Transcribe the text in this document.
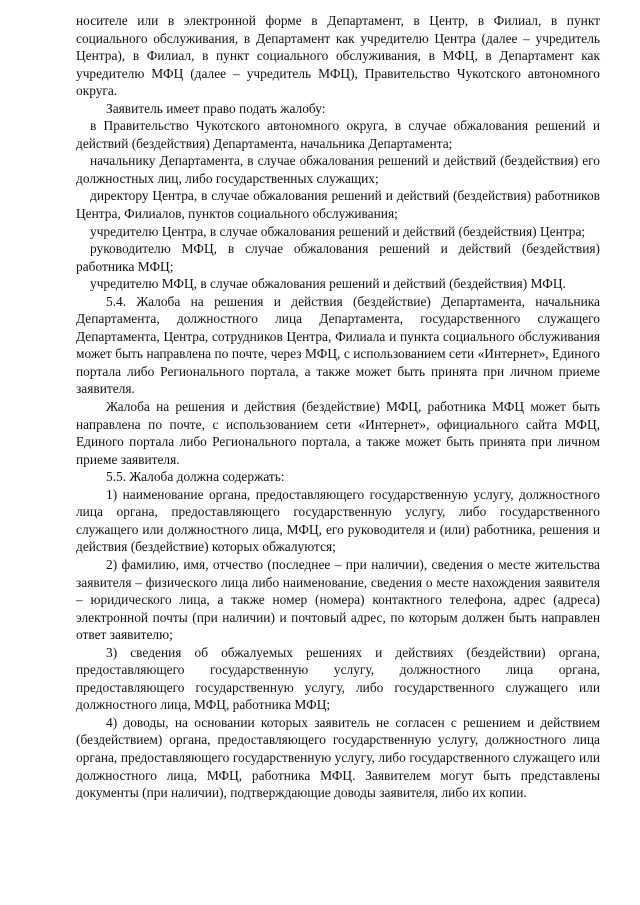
носителе или в электронной форме в Департамент, в Центр, в Филиал, в пункт социального обслуживания, в Департамент как учредителю Центра (далее – учредитель Центра), в Филиал, в пункт социального обслуживания, в МФЦ, в Департамент как учредителю МФЦ (далее – учредитель МФЦ), Правительство Чукотского автономного округа.

Заявитель имеет право подать жалобу:

в Правительство Чукотского автономного округа, в случае обжалования решений и действий (бездействия) Департамента, начальника Департамента;

начальнику Департамента, в случае обжалования решений и действий (бездействия) его должностных лиц, либо государственных служащих;

директору Центра, в случае обжалования решений и действий (бездействия) работников Центра, Филиалов, пунктов социального обслуживания;

учредителю Центра, в случае обжалования решений и действий (бездействия) Центра;

руководителю МФЦ, в случае обжалования решений и действий (бездействия) работника МФЦ;

учредителю МФЦ, в случае обжалования решений и действий (бездействия) МФЦ.

5.4. Жалоба на решения и действия (бездействие) Департамента, начальника Департамента, должностного лица Департамента, государственного служащего Департамента, Центра, сотрудников Центра, Филиала и пункта социального обслуживания может быть направлена по почте, через МФЦ, с использованием сети «Интернет», Единого портала либо Регионального портала, а также может быть принята при личном приеме заявителя.

Жалоба на решения и действия (бездействие) МФЦ, работника МФЦ может быть направлена по почте, с использованием сети «Интернет», официального сайта МФЦ, Единого портала либо Регионального портала, а также может быть принята при личном приеме заявителя.

5.5. Жалоба должна содержать:

1) наименование органа, предоставляющего государственную услугу, должностного лица органа, предоставляющего государственную услугу, либо государственного служащего или должностного лица, МФЦ, его руководителя и (или) работника, решения и действия (бездействие) которых обжалуются;

2) фамилию, имя, отчество (последнее – при наличии), сведения о месте жительства заявителя – физического лица либо наименование, сведения о месте нахождения заявителя – юридического лица, а также номер (номера) контактного телефона, адрес (адреса) электронной почты (при наличии) и почтовый адрес, по которым должен быть направлен ответ заявителю;

3) сведения об обжалуемых решениях и действиях (бездействии) органа, предоставляющего государственную услугу, должностного лица органа, предоставляющего государственную услугу, либо государственного служащего или должностного лица, МФЦ, работника МФЦ;

4) доводы, на основании которых заявитель не согласен с решением и действием (бездействием) органа, предоставляющего государственную услугу, должностного лица органа, предоставляющего государственную услугу, либо государственного служащего или должностного лица, МФЦ, работника МФЦ. Заявителем могут быть представлены документы (при наличии), подтверждающие доводы заявителя, либо их копии.
